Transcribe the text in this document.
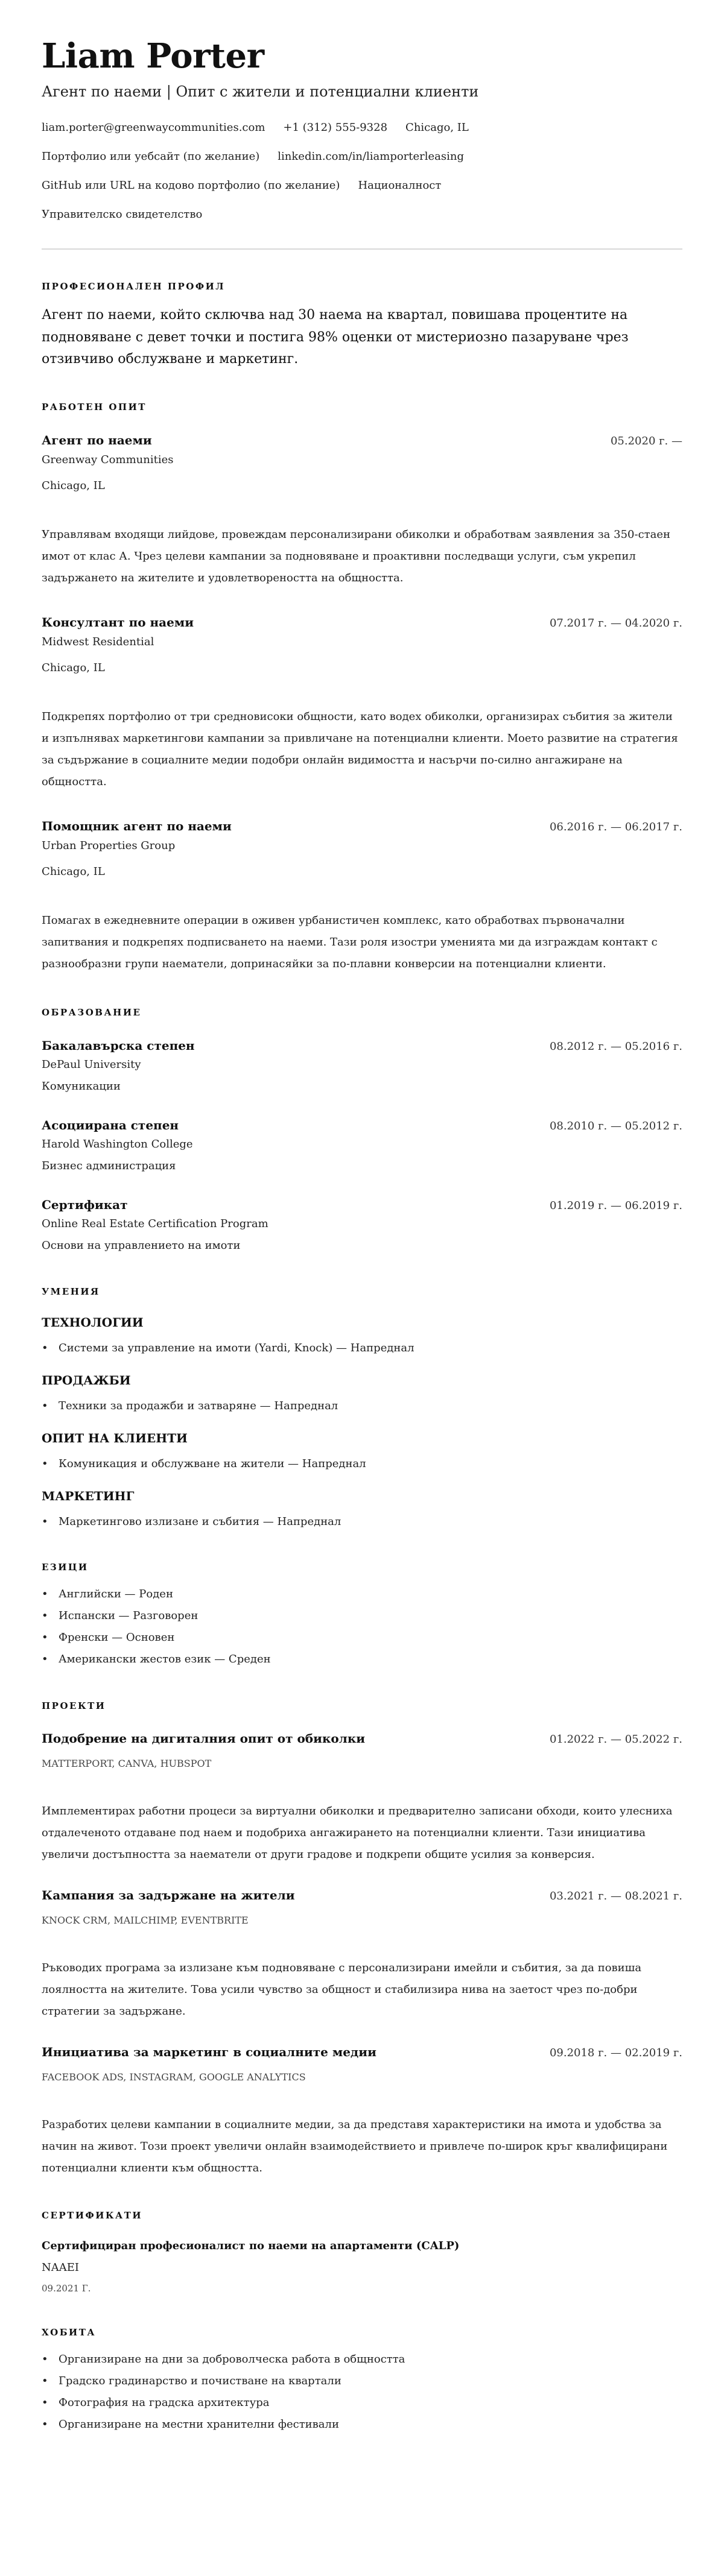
Liam Porter
Агент по наеми | Опит с жители и потенциални клиенти
liam.porter@greenwaycommunities.com +1 (312) 555-9328 Chicago, IL
Портфолио или уебсайт (по желание) linkedin.com/in/liamporterleasing
GitHub или URL на кодово портфолио (по желание) Националност
Управителско свидетелство
ПРОФЕСИОНАЛЕН ПРОФИЛ

Агент по наеми, който сключва над 30 наема на квартал, повишава процентите на подновяване с девет точки и постига 98% оценки от мистериозно пазаруване чрез отзивчиво обслужване и маркетинг.

РАБОТЕН ОПИТ
Агент по наеми	05.2020 г. —
Greenway Communities
Chicago, IL

Управлявам входящи лийдове, провеждам персонализирани обиколки и обработвам заявления за 350-стаен имот от клас А. Чрез целеви кампании за подновяване и проактивни последващи услуги, съм укрепил задържането на жителите и удовлетвореността на общността.

Консултант по наеми	07.2017 г. — 04.2020 г.
Midwest Residential
Chicago, IL

Подкрепях портфолио от три средновисоки общности, като водех обиколки, организирах събития за жители и изпълнявах маркетингови кампании за привличане на потенциални клиенти. Моето развитие на стратегия за съдържание в социалните медии подобри онлайн видимостта и насърчи по-силно ангажиране на общността.

Помощник агент по наеми	06.2016 г. — 06.2017 г.
Urban Properties Group
Chicago, IL

Помагах в ежедневните операции в оживен урбанистичен комплекс, като обработвах първоначални запитвания и подкрепях подписването на наеми. Тази роля изостри уменията ми да изграждам контакт с разнообразни групи наематели, допринасяйки за по-плавни конверсии на потенциални клиенти.

ОБРАЗОВАНИЕ
Бакалавърска степен	08.2012 г. — 05.2016 г.
DePaul University
Комуникации
Асоциирана степен	08.2010 г. — 05.2012 г.
Harold Washington College
Бизнес администрация
Сертификат	01.2019 г. — 06.2019 г.
Online Real Estate Certification Program
Основи на управлението на имоти
УМЕНИЯ
ТЕХНОЛОГИИ
• Системи за управление на имоти (Yardi, Knock) — Напреднал
ПРОДАЖБИ
• Техники за продажби и затваряне — Напреднал
ОПИТ НА КЛИЕНТИ
• Комуникация и обслужване на жители — Напреднал
МАРКЕТИНГ
• Маркетингово излизане и събития — Напреднал
ЕЗИЦИ
• Английски — Роден
• Испански — Разговорен
• Френски — Основен
• Американски жестов език — Среден
ПРОЕКТИ
Подобрение на дигиталния опит от обиколки	01.2022 г. — 05.2022 г.
MATTERPORT, CANVA, HUBSPOT

Имплементирах работни процеси за виртуални обиколки и предварително записани обходи, които улесниха отдалеченото отдаване под наем и подобриха ангажирането на потенциални клиенти. Тази инициатива увеличи достъпността за наематели от други градове и подкрепи общите усилия за конверсия.

Кампания за задържане на жители	03.2021 г. — 08.2021 г.
KNOCK CRM, MAILCHIMP, EVENTBRITE

Ръководих програма за излизане към подновяване с персонализирани имейли и събития, за да повиша лоялността на жителите. Това усили чувство за общност и стабилизира нива на заетост чрез по-добри стратегии за задържане.

Инициатива за маркетинг в социалните медии	09.2018 г. — 02.2019 г.
FACEBOOK ADS, INSTAGRAM, GOOGLE ANALYTICS

Разработих целеви кампании в социалните медии, за да представя характеристики на имота и удобства за начин на живот. Този проект увеличи онлайн взаимодействието и привлече по-широк кръг квалифицирани потенциални клиенти към общността.

СЕРТИФИКАТИ
Сертифициран професионалист по наеми на апартаменти (CALP)
NAAEI
09.2021 Г.
ХОБИТА
• Организиране на дни за доброволческа работа в общността
• Градско градинарство и почистване на квартали
• Фотография на градска архитектура
• Организиране на местни хранителни фестивали
